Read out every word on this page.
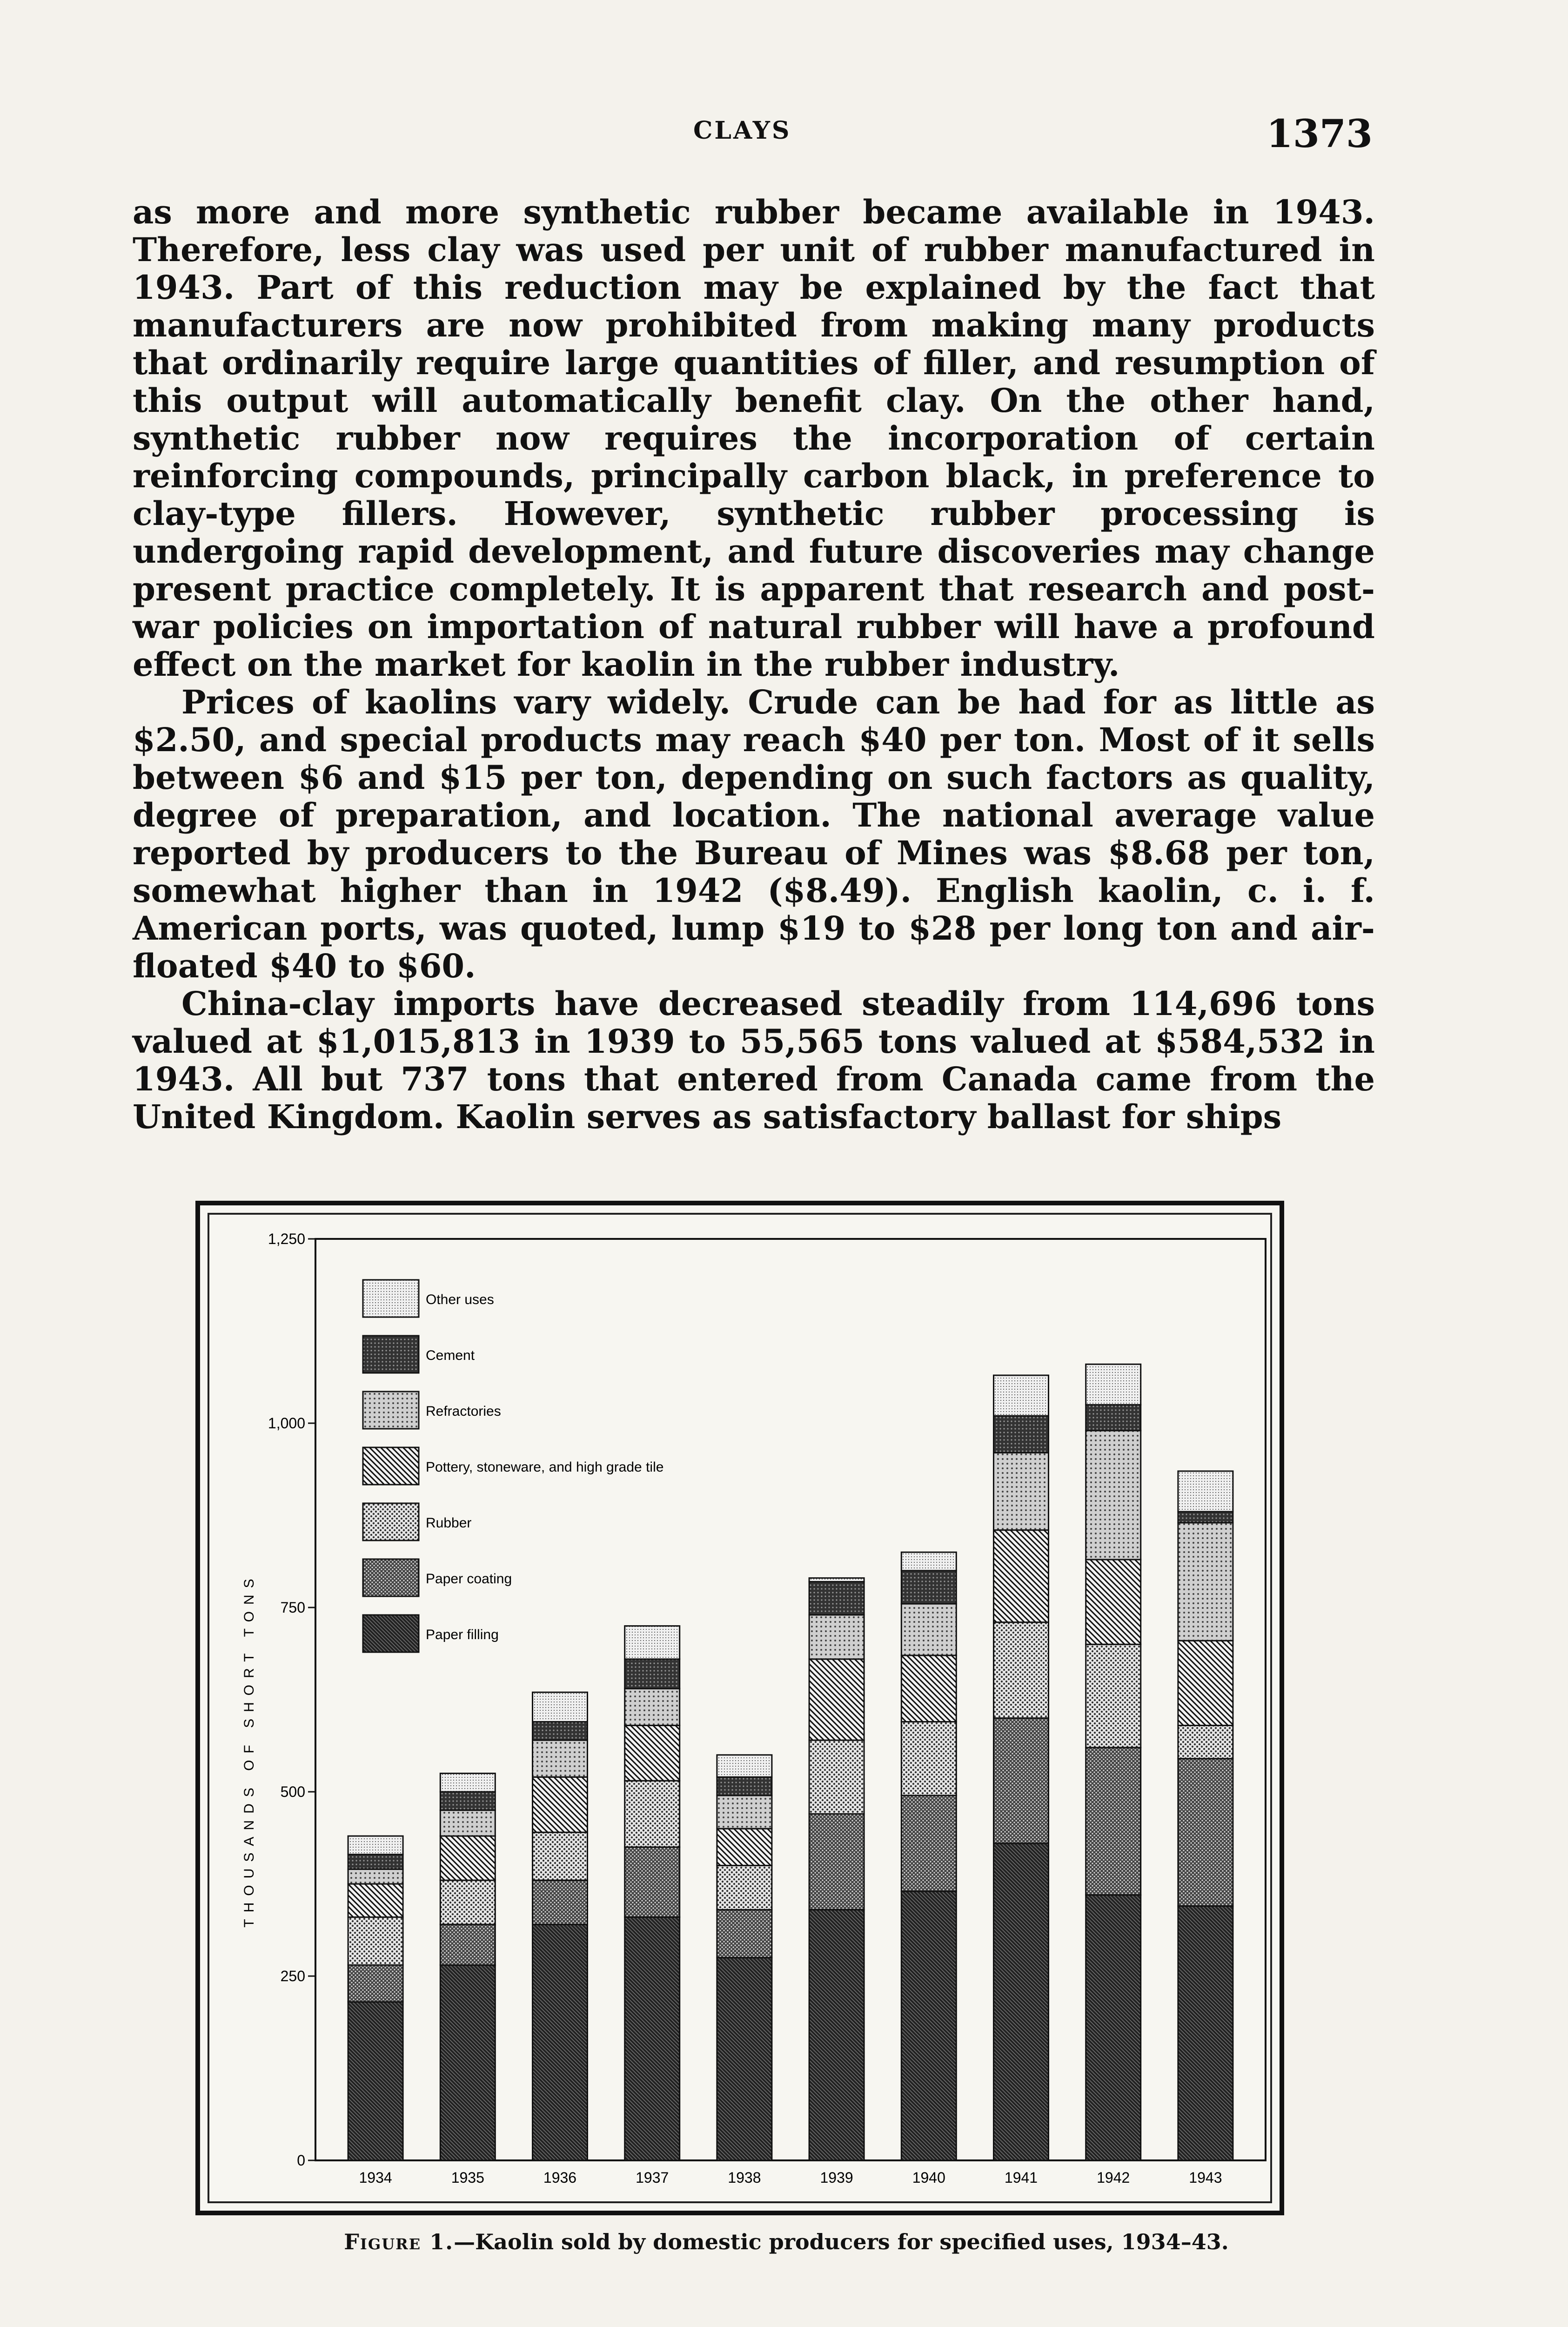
CLAYS	1373

as more and more synthetic rubber became available in 1943. Therefore, less clay was used per unit of rubber manufactured in 1943. Part of this reduction may be explained by the fact that manufacturers are now prohibited from making many products that ordinarily require large quantities of filler, and resumption of this output will automatically benefit clay. On the other hand, synthetic rubber now requires the incorporation of certain reinforcing compounds, principally carbon black, in preference to clay-type fillers. However, synthetic rubber processing is undergoing rapid development, and future discoveries may change present practice completely. It is apparent that research and post-war policies on importation of natural rubber will have a profound effect on the market for kaolin in the rubber industry.

Prices of kaolins vary widely. Crude can be had for as little as $2.50, and special products may reach $40 per ton. Most of it sells between $6 and $15 per ton, depending on such factors as quality, degree of preparation, and location. The national average value reported by producers to the Bureau of Mines was $8.68 per ton, somewhat higher than in 1942 ($8.49). English kaolin, c. i. f. American ports, was quoted, lump $19 to $28 per long ton and air-floated $40 to $60.

China-clay imports have decreased steadily from 114,696 tons valued at $1,015,813 in 1939 to 55,565 tons valued at $584,532 in 1943. All but 737 tons that entered from Canada came from the United Kingdom. Kaolin serves as satisfactory ballast for ships

THOUSANDS OF SHORT TONS
0
250
500
750
1,000
1,250
1934	1935	1936	1937	1938	1939	1940	1941	1942	1943
Other uses
Cement
Refractories
Pottery, stoneware, and high grade tile
Rubber
Paper coating
Paper filling
Figure 1.—Kaolin sold by domestic producers for specified uses, 1934–43.
